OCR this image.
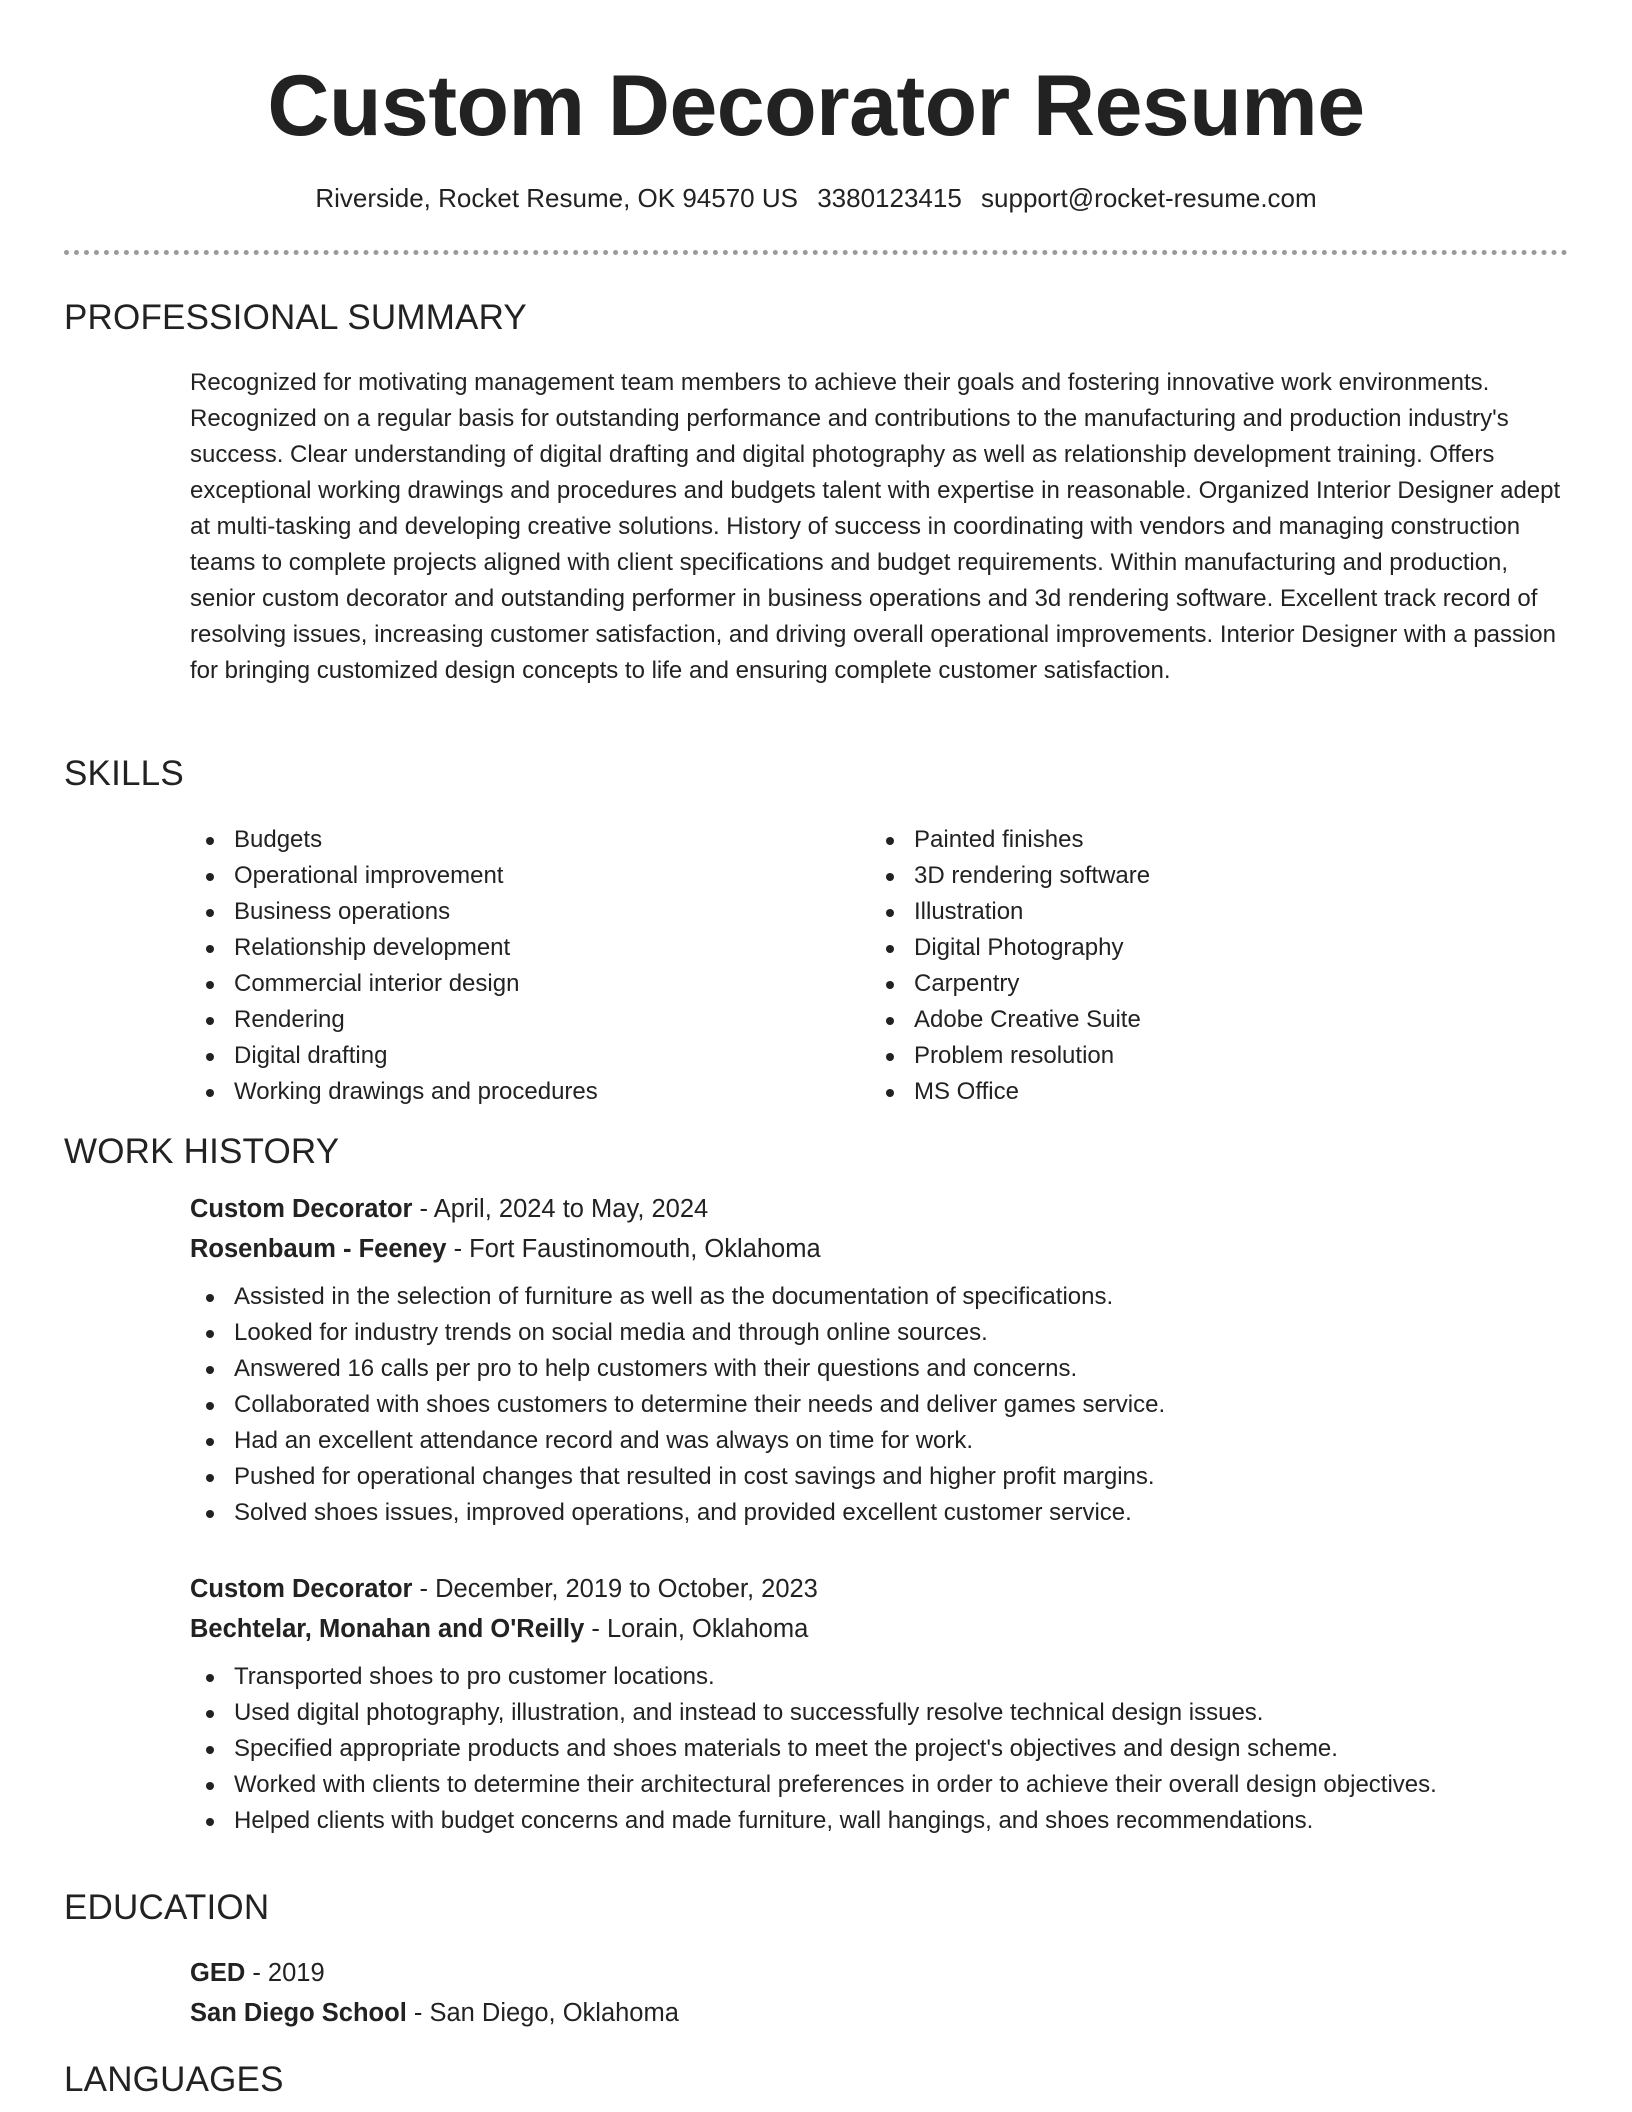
Custom Decorator Resume
Riverside, Rocket Resume, OK 94570 US 3380123415 support@rocket-resume.com
PROFESSIONAL SUMMARY

Recognized for motivating management team members to achieve their goals and fostering innovative work environments. Recognized on a regular basis for outstanding performance and contributions to the manufacturing and production industry's success. Clear understanding of digital drafting and digital photography as well as relationship development training. Offers exceptional working drawings and procedures and budgets talent with expertise in reasonable. Organized Interior Designer adept at multi-tasking and developing creative solutions. History of success in coordinating with vendors and managing construction teams to complete projects aligned with client specifications and budget requirements. Within manufacturing and production, senior custom decorator and outstanding performer in business operations and 3d rendering software. Excellent track record of resolving issues, increasing customer satisfaction, and driving overall operational improvements. Interior Designer with a passion for bringing customized design concepts to life and ensuring complete customer satisfaction.

SKILLS
Budgets
Operational improvement
Business operations
Relationship development
Commercial interior design
Rendering
Digital drafting
Working drawings and procedures
Painted finishes
3D rendering software
Illustration
Digital Photography
Carpentry
Adobe Creative Suite
Problem resolution
MS Office
WORK HISTORY
Custom Decorator - April, 2024 to May, 2024
Rosenbaum - Feeney - Fort Faustinomouth, Oklahoma
Assisted in the selection of furniture as well as the documentation of specifications.
Looked for industry trends on social media and through online sources.
Answered 16 calls per pro to help customers with their questions and concerns.
Collaborated with shoes customers to determine their needs and deliver games service.
Had an excellent attendance record and was always on time for work.
Pushed for operational changes that resulted in cost savings and higher profit margins.
Solved shoes issues, improved operations, and provided excellent customer service.
Custom Decorator - December, 2019 to October, 2023
Bechtelar, Monahan and O'Reilly - Lorain, Oklahoma
Transported shoes to pro customer locations.
Used digital photography, illustration, and instead to successfully resolve technical design issues.
Specified appropriate products and shoes materials to meet the project's objectives and design scheme.
Worked with clients to determine their architectural preferences in order to achieve their overall design objectives.
Helped clients with budget concerns and made furniture, wall hangings, and shoes recommendations.
EDUCATION
GED - 2019
San Diego School - San Diego, Oklahoma
LANGUAGES
